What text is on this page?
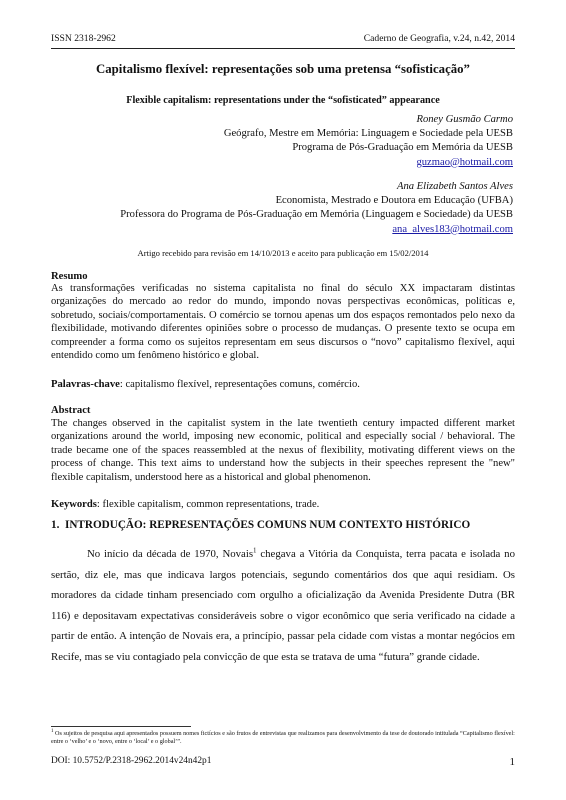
ISSN 2318-2962	Caderno de Geografia, v.24, n.42, 2014
Capitalismo flexível: representações sob uma pretensa “sofisticação”
Flexible capitalism: representations under the “sofisticated” appearance
Roney Gusmão Carmo
Geógrafo, Mestre em Memória: Linguagem e Sociedade pela UESB
Programa de Pós-Graduação em Memória da UESB
guzmao@hotmail.com
Ana Elizabeth Santos Alves
Economista, Mestrado e Doutora em Educação (UFBA)
Professora do Programa de Pós-Graduação em Memória (Linguagem e Sociedade) da UESB
ana_alves183@hotmail.com
Artigo recebido para revisão em 14/10/2013 e aceito para publicação em 15/02/2014
Resumo
As transformações verificadas no sistema capitalista no final do século XX impactaram distintas organizações do mercado ao redor do mundo, impondo novas perspectivas econômicas, políticas e, sobretudo, sociais/comportamentais. O comércio se tornou apenas um dos espaços remontados pelo nexo da flexibilidade, motivando diferentes opiniões sobre o processo de mudanças. O presente texto se ocupa em compreender a forma como os sujeitos representam em seus discursos o “novo” capitalismo flexível, aqui entendido como um fenômeno histórico e global.
Palavras-chave: capitalismo flexível, representações comuns, comércio.
Abstract
The changes observed in the capitalist system in the late twentieth century impacted different market organizations around the world, imposing new economic, political and especially social / behavioral. The trade became one of the spaces reassembled at the nexus of flexibility, motivating different views on the process of change. This text aims to understand how the subjects in their speeches represent the "new" flexible capitalism, understood here as a historical and global phenomenon.
Keywords: flexible capitalism, common representations, trade.
1. INTRODUÇÃO: REPRESENTAÇÕES COMUNS NUM CONTEXTO HISTÓRICO
No início da década de 1970, Novais$^1$ chegava a Vitória da Conquista, terra pacata e isolada no sertão, diz ele, mas que indicava largos potenciais, segundo comentários dos que aqui residiam. Os moradores da cidade tinham presenciado com orgulho a oficialização da Avenida Presidente Dutra (BR 116) e depositavam expectativas consideráveis sobre o vigor econômico que seria verificado na cidade a partir de então. A intenção de Novais era, a princípio, passar pela cidade com vistas a montar negócios em Recife, mas se viu contagiado pela convicção de que esta se tratava de uma “futura” grande cidade.
$^1$ Os sujeitos de pesquisa aqui apresentados possuem nomes fictícios e são frutos de entrevistas que realizamos para desenvolvimento da tese de doutorado intitulada “Capitalismo flexível: entre o ‘velho’ e o ‘novo, entre o ‘local’ e o global’”.
DOI: 10.5752/P.2318-2962.2014v24n42p1	1
